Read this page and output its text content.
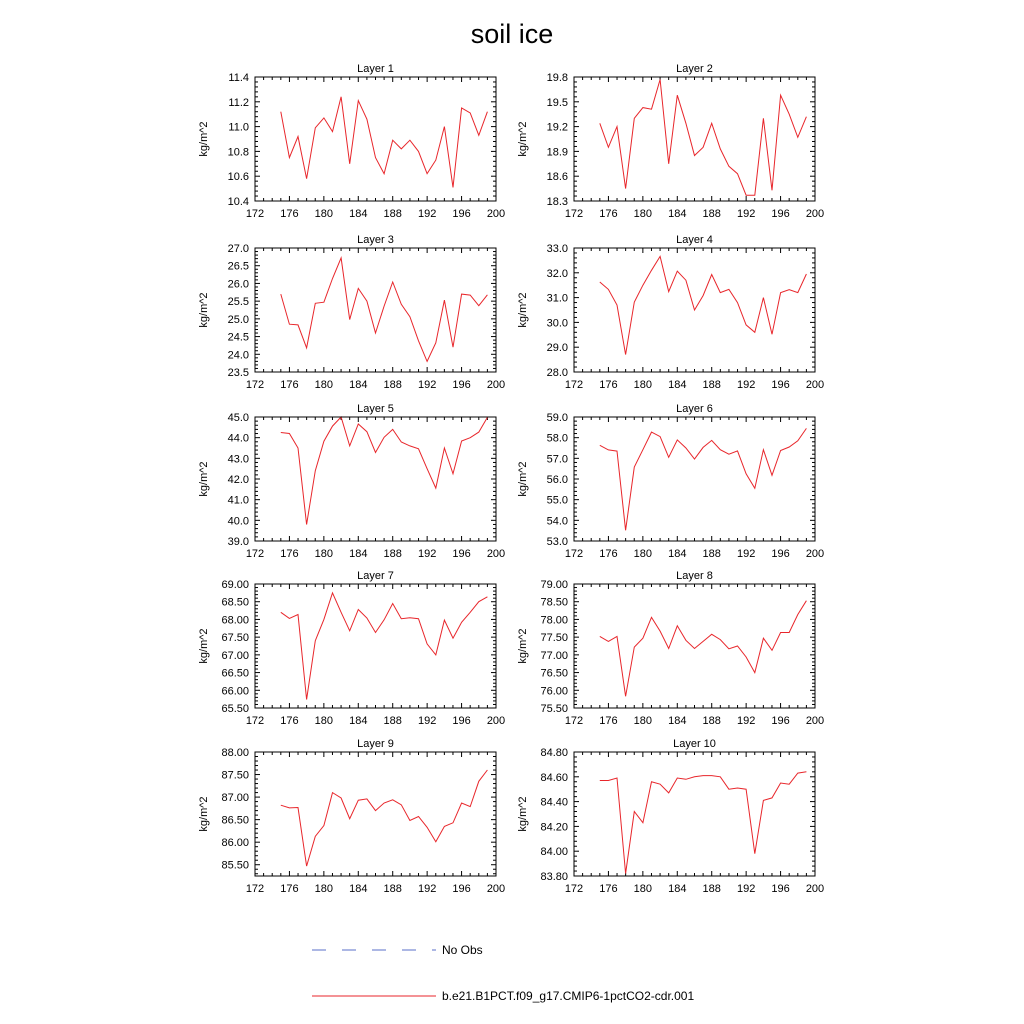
soil ice
Layer 1
kg/m^2
172 176 180 184 188 192 196 200
10.4
10.6
10.8
11.0
11.2
11.4
Layer 2
kg/m^2
172 176 180 184 188 192 196 200
18.3
18.6
18.9
19.2
19.5
19.8
Layer 3
kg/m^2
172 176 180 184 188 192 196 200
23.5
24.0
24.5
25.0
25.5
26.0
26.5
27.0
Layer 4
kg/m^2
172 176 180 184 188 192 196 200
28.0
29.0
30.0
31.0
32.0
33.0
Layer 5
kg/m^2
172 176 180 184 188 192 196 200
39.0
40.0
41.0
42.0
43.0
44.0
45.0
Layer 6
kg/m^2
172 176 180 184 188 192 196 200
53.0
54.0
55.0
56.0
57.0
58.0
59.0
Layer 7
kg/m^2
172 176 180 184 188 192 196 200
65.50
66.00
66.50
67.00
67.50
68.00
68.50
69.00
Layer 8
kg/m^2
172 176 180 184 188 192 196 200
75.50
76.00
76.50
77.00
77.50
78.00
78.50
79.00
Layer 9
kg/m^2
172 176 180 184 188 192 196 200
85.50
86.00
86.50
87.00
87.50
88.00
Layer 10
kg/m^2
172 176 180 184 188 192 196 200
83.80
84.00
84.20
84.40
84.60
84.80
No Obs
b.e21.B1PCT.f09_g17.CMIP6-1pctCO2-cdr.001
